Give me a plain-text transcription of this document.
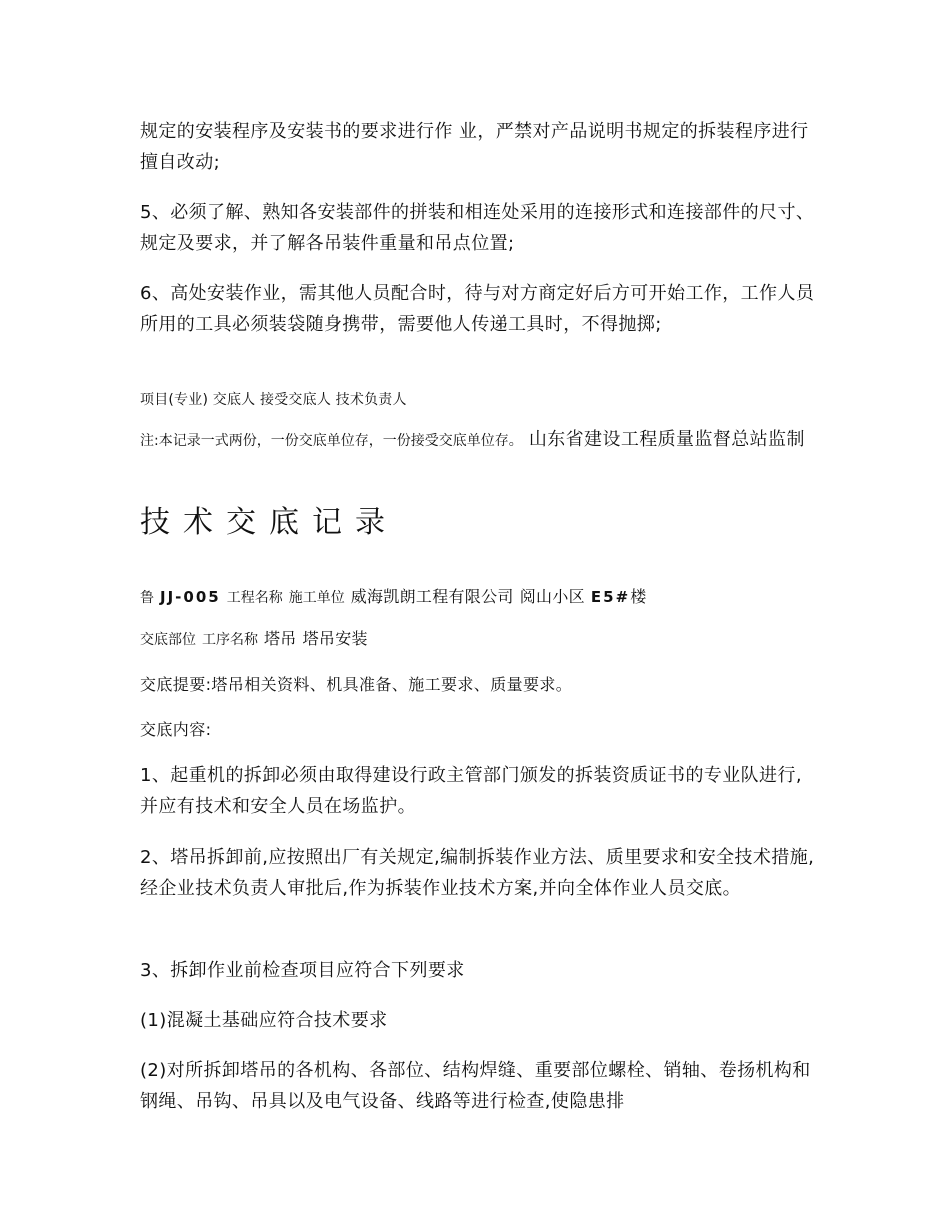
规定的安装程序及安装书的要求进行作 业，严禁对产品说明书规定的拆装程序进行擅自改动;

5、必须了解、熟知各安装部件的拼装和相连处采用的连接形式和连接部件的尺寸、 规定及要求，并了解各吊装件重量和吊点位置;

6、高处安装作业，需其他人员配合时，待与对方商定好后方可开始工作，工作人员 所用的工具必须装袋随身携带，需要他人传递工具时，不得抛掷;

项目(专业) 交底人 接受交底人 技术负责人

注:本记录一式两份，一份交底单位存，一份接受交底单位存。 山东省建设工程质量监督总站监制

技术交底记录

鲁 JJ-005 工程名称 施工单位 威海凯朗工程有限公司 阅山小区 E5#楼

交底部位 工序名称 塔吊 塔吊安装

交底提要:塔吊相关资料、机具准备、施工要求、质量要求。

交底内容:

1、起重机的拆卸必须由取得建设行政主管部门颁发的拆装资质证书的专业队进行,并应有技术和安全人员在场监护。

2、塔吊拆卸前,应按照出厂有关规定,编制拆装作业方法、质里要求和安全技术措施,经企业技术负责人审批后,作为拆装作业技术方案,并向全体作业人员交底。

3、拆卸作业前检查项目应符合下列要求

(1)混凝土基础应符合技术要求

(2)对所拆卸塔吊的各机构、各部位、结构焊缝、重要部位螺栓、销轴、卷扬机构和钢绳、吊钩、吊具以及电气设备、线路等进行检查,使隐患排
